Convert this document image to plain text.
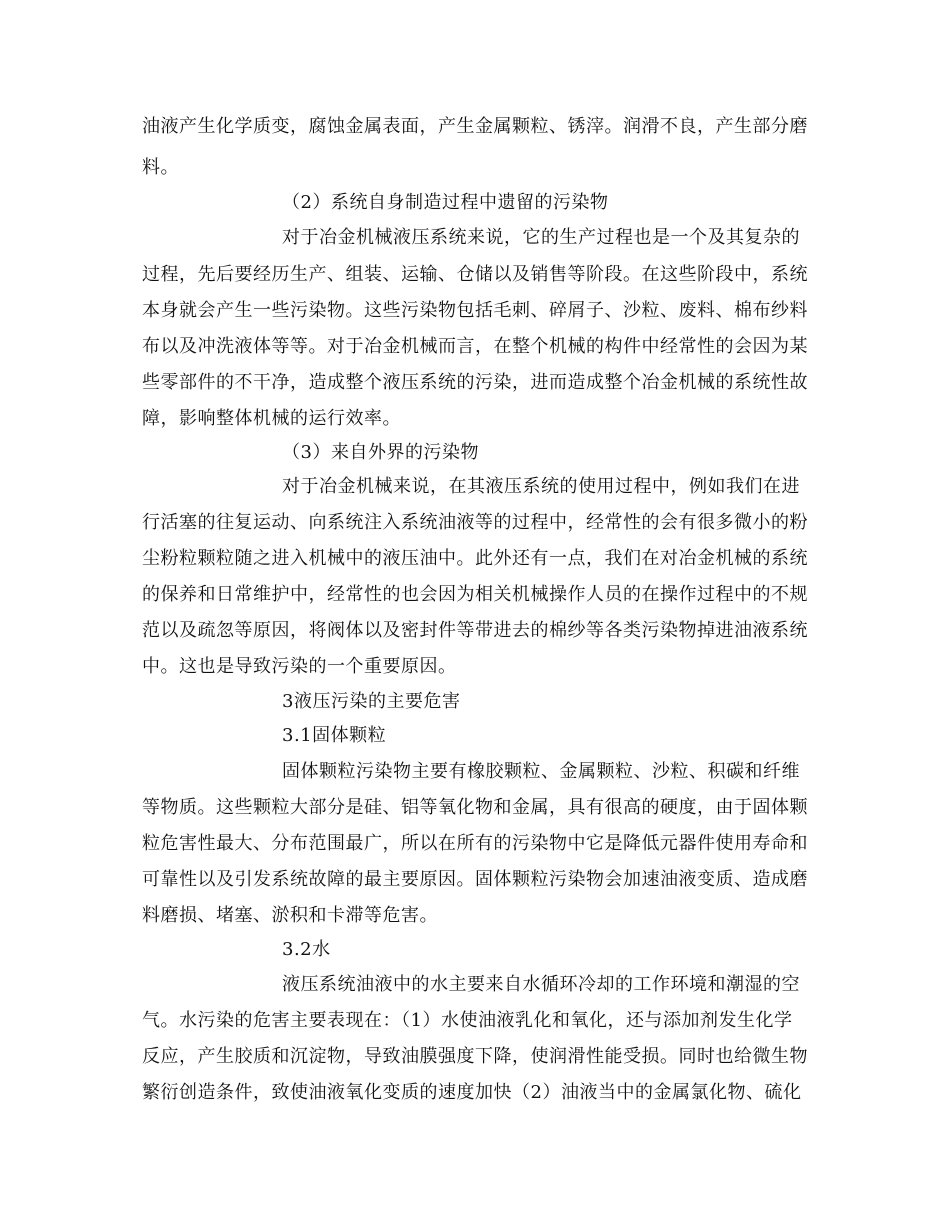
油液产生化学质变，腐蚀金属表面，产生金属颗粒、锈滓。润滑不良，产生部分磨
料。
（2）系统自身制造过程中遗留的污染物
对于冶金机械液压系统来说，它的生产过程也是一个及其复杂的
过程，先后要经历生产、组装、运输、仓储以及销售等阶段。在这些阶段中，系统
本身就会产生一些污染物。这些污染物包括毛刺、碎屑子、沙粒、废料、棉布纱料
布以及冲洗液体等等。对于冶金机械而言，在整个机械的构件中经常性的会因为某
些零部件的不干净，造成整个液压系统的污染，进而造成整个冶金机械的系统性故
障，影响整体机械的运行效率。
（3）来自外界的污染物
对于冶金机械来说，在其液压系统的使用过程中，例如我们在进
行活塞的往复运动、向系统注入系统油液等的过程中，经常性的会有很多微小的粉
尘粉粒颗粒随之进入机械中的液压油中。此外还有一点，我们在对冶金机械的系统
的保养和日常维护中，经常性的也会因为相关机械操作人员的在操作过程中的不规
范以及疏忽等原因，将阀体以及密封件等带进去的棉纱等各类污染物掉进油液系统
中。这也是导致污染的一个重要原因。
3液压污染的主要危害
3.1固体颗粒
固体颗粒污染物主要有橡胶颗粒、金属颗粒、沙粒、积碳和纤维
等物质。这些颗粒大部分是硅、铝等氧化物和金属，具有很高的硬度，由于固体颗
粒危害性最大、分布范围最广，所以在所有的污染物中它是降低元器件使用寿命和
可靠性以及引发系统故障的最主要原因。固体颗粒污染物会加速油液变质、造成磨
料磨损、堵塞、淤积和卡滞等危害。
3.2水
液压系统油液中的水主要来自水循环冷却的工作环境和潮湿的空
气。水污染的危害主要表现在：（1）水使油液乳化和氧化，还与添加剂发生化学
反应，产生胶质和沉淀物，导致油膜强度下降，使润滑性能受损。同时也给微生物
繁衍创造条件，致使油液氧化变质的速度加快（2）油液当中的金属氯化物、硫化
